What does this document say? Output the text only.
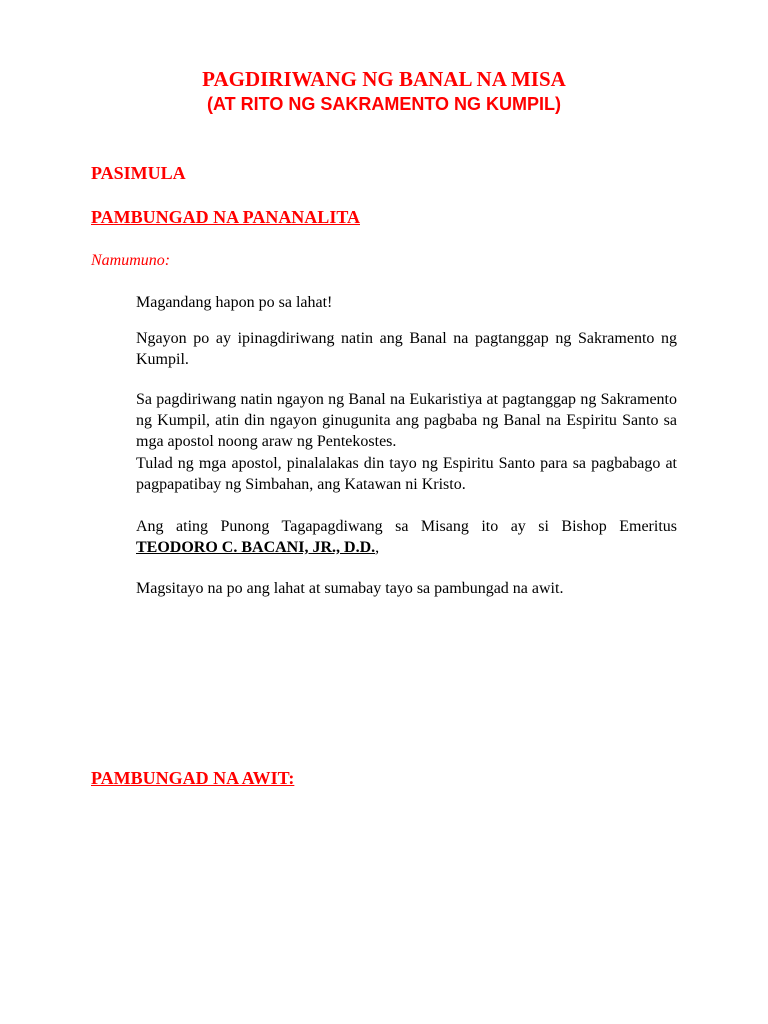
PAGDIRIWANG NG BANAL NA MISA
(AT RITO NG SAKRAMENTO NG KUMPIL)
PASIMULA
PAMBUNGAD NA PANANALITA

Namumuno:

Magandang hapon po sa lahat!

Ngayon po ay ipinagdiriwang natin ang Banal na pagtanggap ng Sakramento ng Kumpil.

Sa pagdiriwang natin ngayon ng Banal na Eukaristiya at pagtanggap ng Sakramento ng Kumpil, atin din ngayon ginugunita ang pagbaba ng Banal na Espiritu Santo sa mga apostol noong araw ng Pentekostes.

Tulad ng mga apostol, pinalalakas din tayo ng Espiritu Santo para sa pagbabago at pagpapatibay ng Simbahan, ang Katawan ni Kristo.

Ang ating Punong Tagapagdiwang sa Misang ito ay si Bishop Emeritus TEODORO C. BACANI, JR., D.D.,

Magsitayo na po ang lahat at sumabay tayo sa pambungad na awit.

PAMBUNGAD NA AWIT:
